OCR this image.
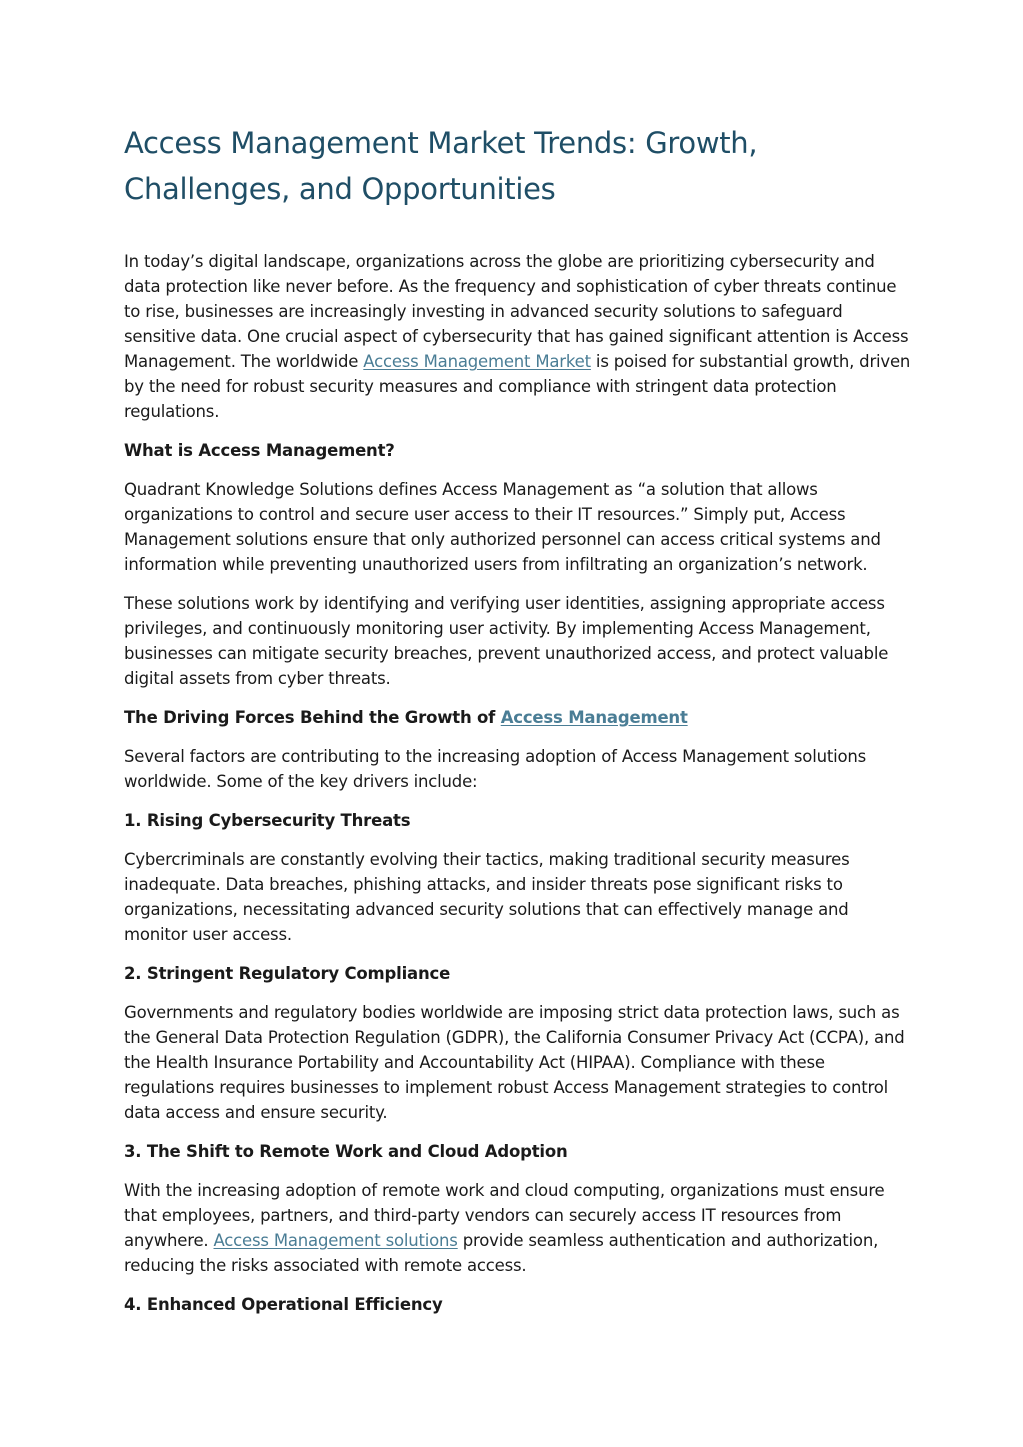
Access Management Market Trends: Growth, Challenges, and Opportunities

In today’s digital landscape, organizations across the globe are prioritizing cybersecurity and data protection like never before. As the frequency and sophistication of cyber threats continue to rise, businesses are increasingly investing in advanced security solutions to safeguard sensitive data. One crucial aspect of cybersecurity that has gained significant attention is Access Management. The worldwide Access Management Market is poised for substantial growth, driven by the need for robust security measures and compliance with stringent data protection regulations.

What is Access Management?

Quadrant Knowledge Solutions defines Access Management as “a solution that allows organizations to control and secure user access to their IT resources.” Simply put, Access Management solutions ensure that only authorized personnel can access critical systems and information while preventing unauthorized users from infiltrating an organization’s network.

These solutions work by identifying and verifying user identities, assigning appropriate access privileges, and continuously monitoring user activity. By implementing Access Management, businesses can mitigate security breaches, prevent unauthorized access, and protect valuable digital assets from cyber threats.

The Driving Forces Behind the Growth of Access Management

Several factors are contributing to the increasing adoption of Access Management solutions worldwide. Some of the key drivers include:

1. Rising Cybersecurity Threats

Cybercriminals are constantly evolving their tactics, making traditional security measures inadequate. Data breaches, phishing attacks, and insider threats pose significant risks to organizations, necessitating advanced security solutions that can effectively manage and monitor user access.

2. Stringent Regulatory Compliance

Governments and regulatory bodies worldwide are imposing strict data protection laws, such as the General Data Protection Regulation (GDPR), the California Consumer Privacy Act (CCPA), and the Health Insurance Portability and Accountability Act (HIPAA). Compliance with these regulations requires businesses to implement robust Access Management strategies to control data access and ensure security.

3. The Shift to Remote Work and Cloud Adoption

With the increasing adoption of remote work and cloud computing, organizations must ensure that employees, partners, and third-party vendors can securely access IT resources from anywhere. Access Management solutions provide seamless authentication and authorization, reducing the risks associated with remote access.

4. Enhanced Operational Efficiency
